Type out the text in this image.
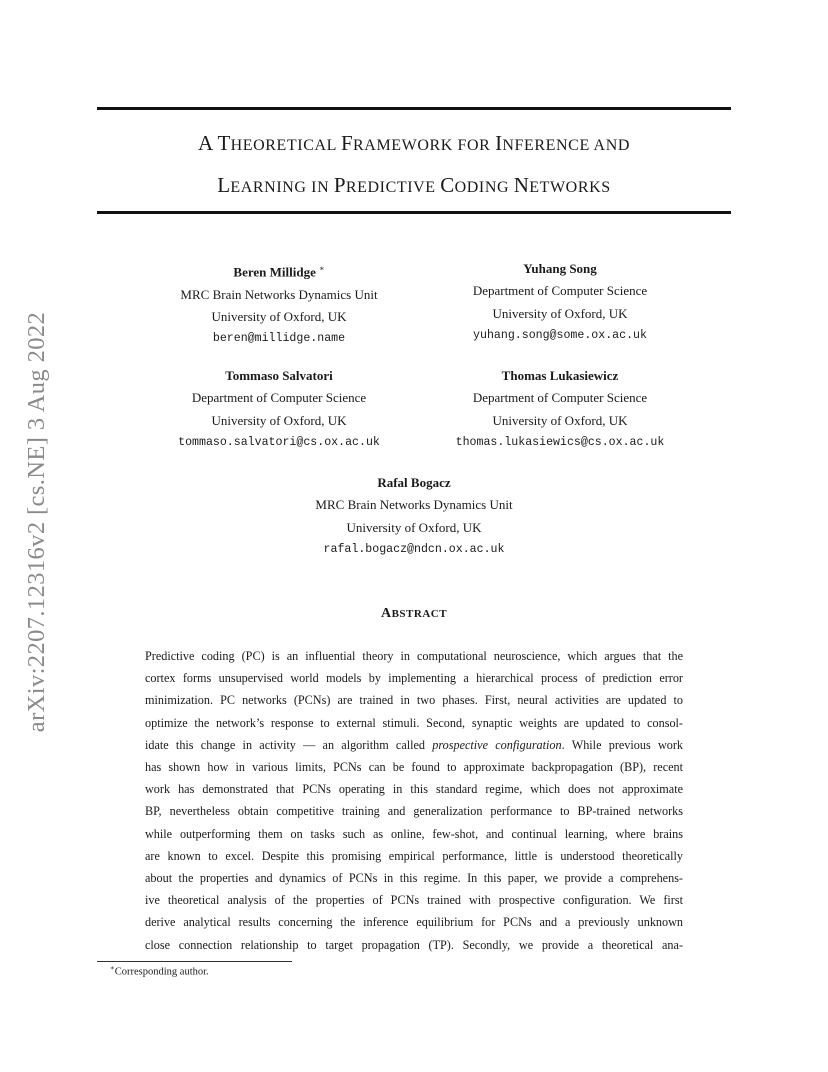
arXiv:2207.12316v2 [cs.NE] 3 Aug 2022
A THEORETICAL FRAMEWORK FOR INFERENCE AND
LEARNING IN PREDICTIVE CODING NETWORKS
Beren Millidge ∗
MRC Brain Networks Dynamics Unit
University of Oxford, UK
beren@millidge.name
Yuhang Song
Department of Computer Science
University of Oxford, UK
yuhang.song@some.ox.ac.uk
Tommaso Salvatori
Department of Computer Science
University of Oxford, UK
tommaso.salvatori@cs.ox.ac.uk
Thomas Lukasiewicz
Department of Computer Science
University of Oxford, UK
thomas.lukasiewics@cs.ox.ac.uk
Rafal Bogacz
MRC Brain Networks Dynamics Unit
University of Oxford, UK
rafal.bogacz@ndcn.ox.ac.uk
ABSTRACT
Predictive coding (PC) is an influential theory in computational neuroscience, which argues that the
cortex forms unsupervised world models by implementing a hierarchical process of prediction error
minimization. PC networks (PCNs) are trained in two phases. First, neural activities are updated to
optimize the network’s response to external stimuli. Second, synaptic weights are updated to consol-
idate this change in activity — an algorithm called prospective configuration. While previous work
has shown how in various limits, PCNs can be found to approximate backpropagation (BP), recent
work has demonstrated that PCNs operating in this standard regime, which does not approximate
BP, nevertheless obtain competitive training and generalization performance to BP-trained networks
while outperforming them on tasks such as online, few-shot, and continual learning, where brains
are known to excel. Despite this promising empirical performance, little is understood theoretically
about the properties and dynamics of PCNs in this regime. In this paper, we provide a comprehens-
ive theoretical analysis of the properties of PCNs trained with prospective configuration. We first
derive analytical results concerning the inference equilibrium for PCNs and a previously unknown
close connection relationship to target propagation (TP). Secondly, we provide a theoretical ana-
∗Corresponding author.
